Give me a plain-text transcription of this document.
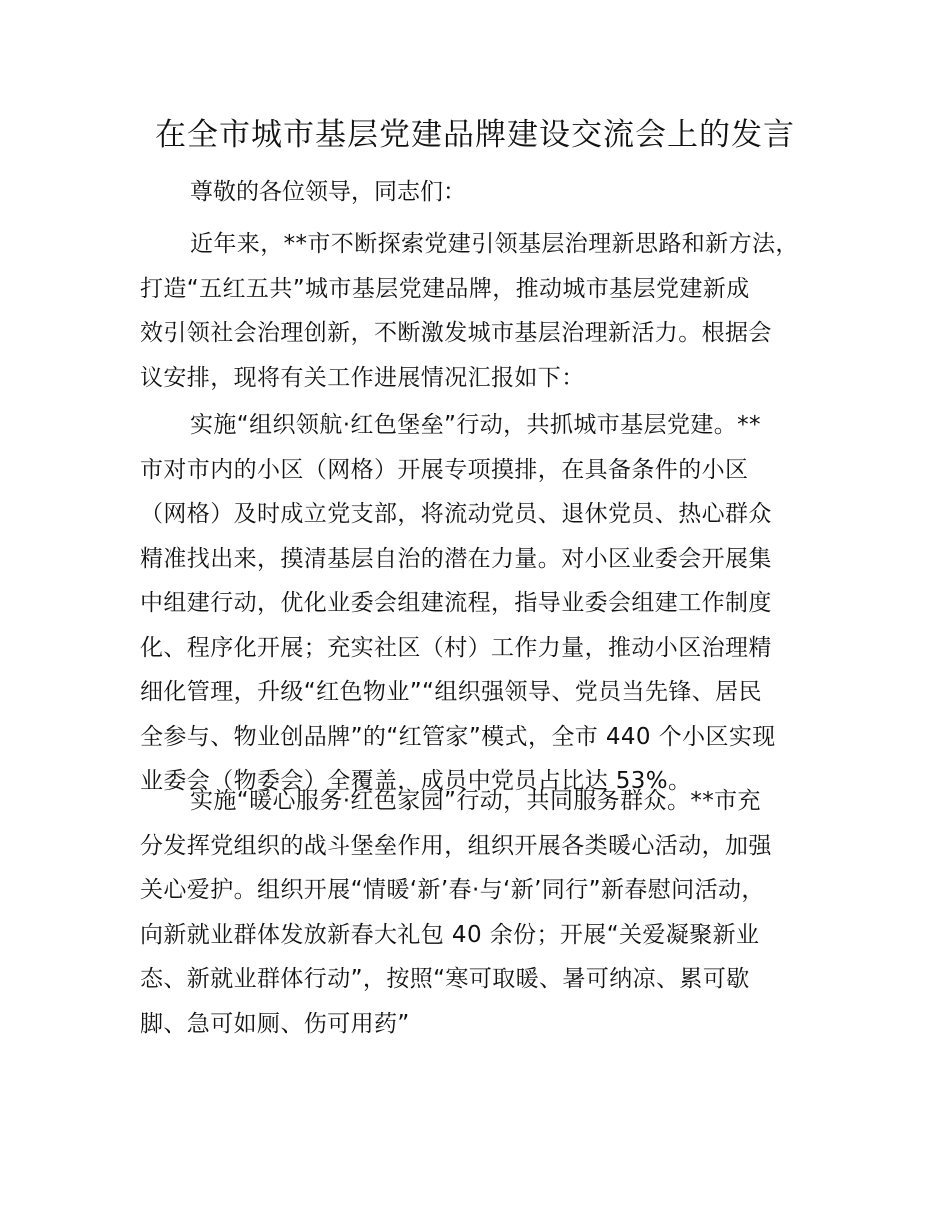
在全市城市基层党建品牌建设交流会上的发言

尊敬的各位领导，同志们：

近年来，**市不断探索党建引领基层治理新思路和新方法，
打造“五红五共”城市基层党建品牌，推动城市基层党建新成
效引领社会治理创新，不断激发城市基层治理新活力。根据会
议安排，现将有关工作进展情况汇报如下：
实施“组织领航·红色堡垒”行动，共抓城市基层党建。**
市对市内的小区（网格）开展专项摸排，在具备条件的小区
（网格）及时成立党支部，将流动党员、退休党员、热心群众
精准找出来，摸清基层自治的潜在力量。对小区业委会开展集
中组建行动，优化业委会组建流程，指导业委会组建工作制度
化、程序化开展；充实社区（村）工作力量，推动小区治理精
细化管理，升级“红色物业”“组织强领导、党员当先锋、居民
全参与、物业创品牌”的“红管家”模式，全市 440 个小区实现
业委会（物委会）全覆盖，成员中党员占比达 53%。
实施“暖心服务·红色家园”行动，共同服务群众。**市充
分发挥党组织的战斗堡垒作用，组织开展各类暖心活动，加强
关心爱护。组织开展“情暖‘新’春·与‘新’同行”新春慰问活动，
向新就业群体发放新春大礼包 40 余份；开展“关爱凝聚新业
态、新就业群体行动”，按照“寒可取暖、暑可纳凉、累可歇
脚、急可如厕、伤可用药”
